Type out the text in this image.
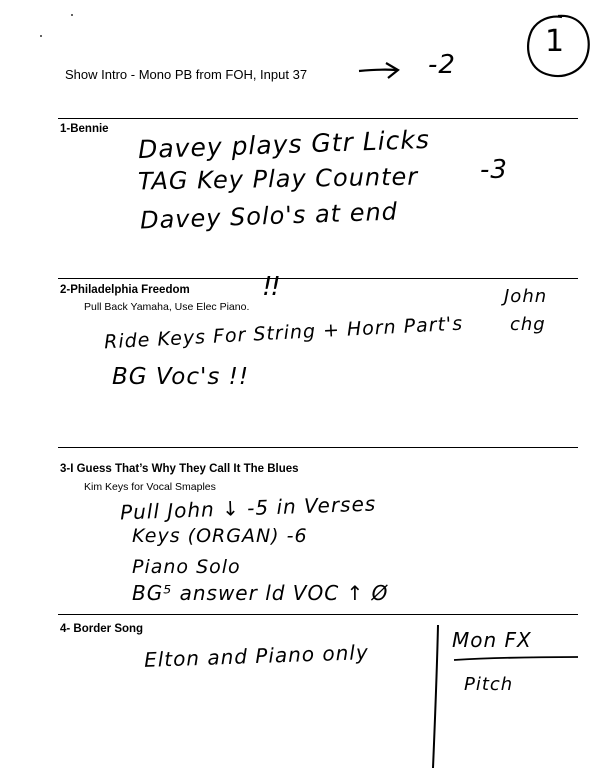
1
Show Intro - Mono PB from FOH, Input 37	-2
1-Bennie Davey plays Gtr Licks
TAG Key Play Counter -3
Davey Solo's at end
2-Philadelphia Freedom
Pull Back Yamaha, Use Elec Piano.
!!	John
chg
Ride Keys For String + Horn Part's
BG Voc's !!
3-I Guess That’s Why They Call It The Blues
Kim Keys for Vocal Smaples
Pull John ↓ -5 in Verses
Keys (ORGAN) -6
Piano Solo
BG⁵ answer ld VOC ↑ Ø
4- Border Song
Elton and Piano only
Mon FX
Pitch
